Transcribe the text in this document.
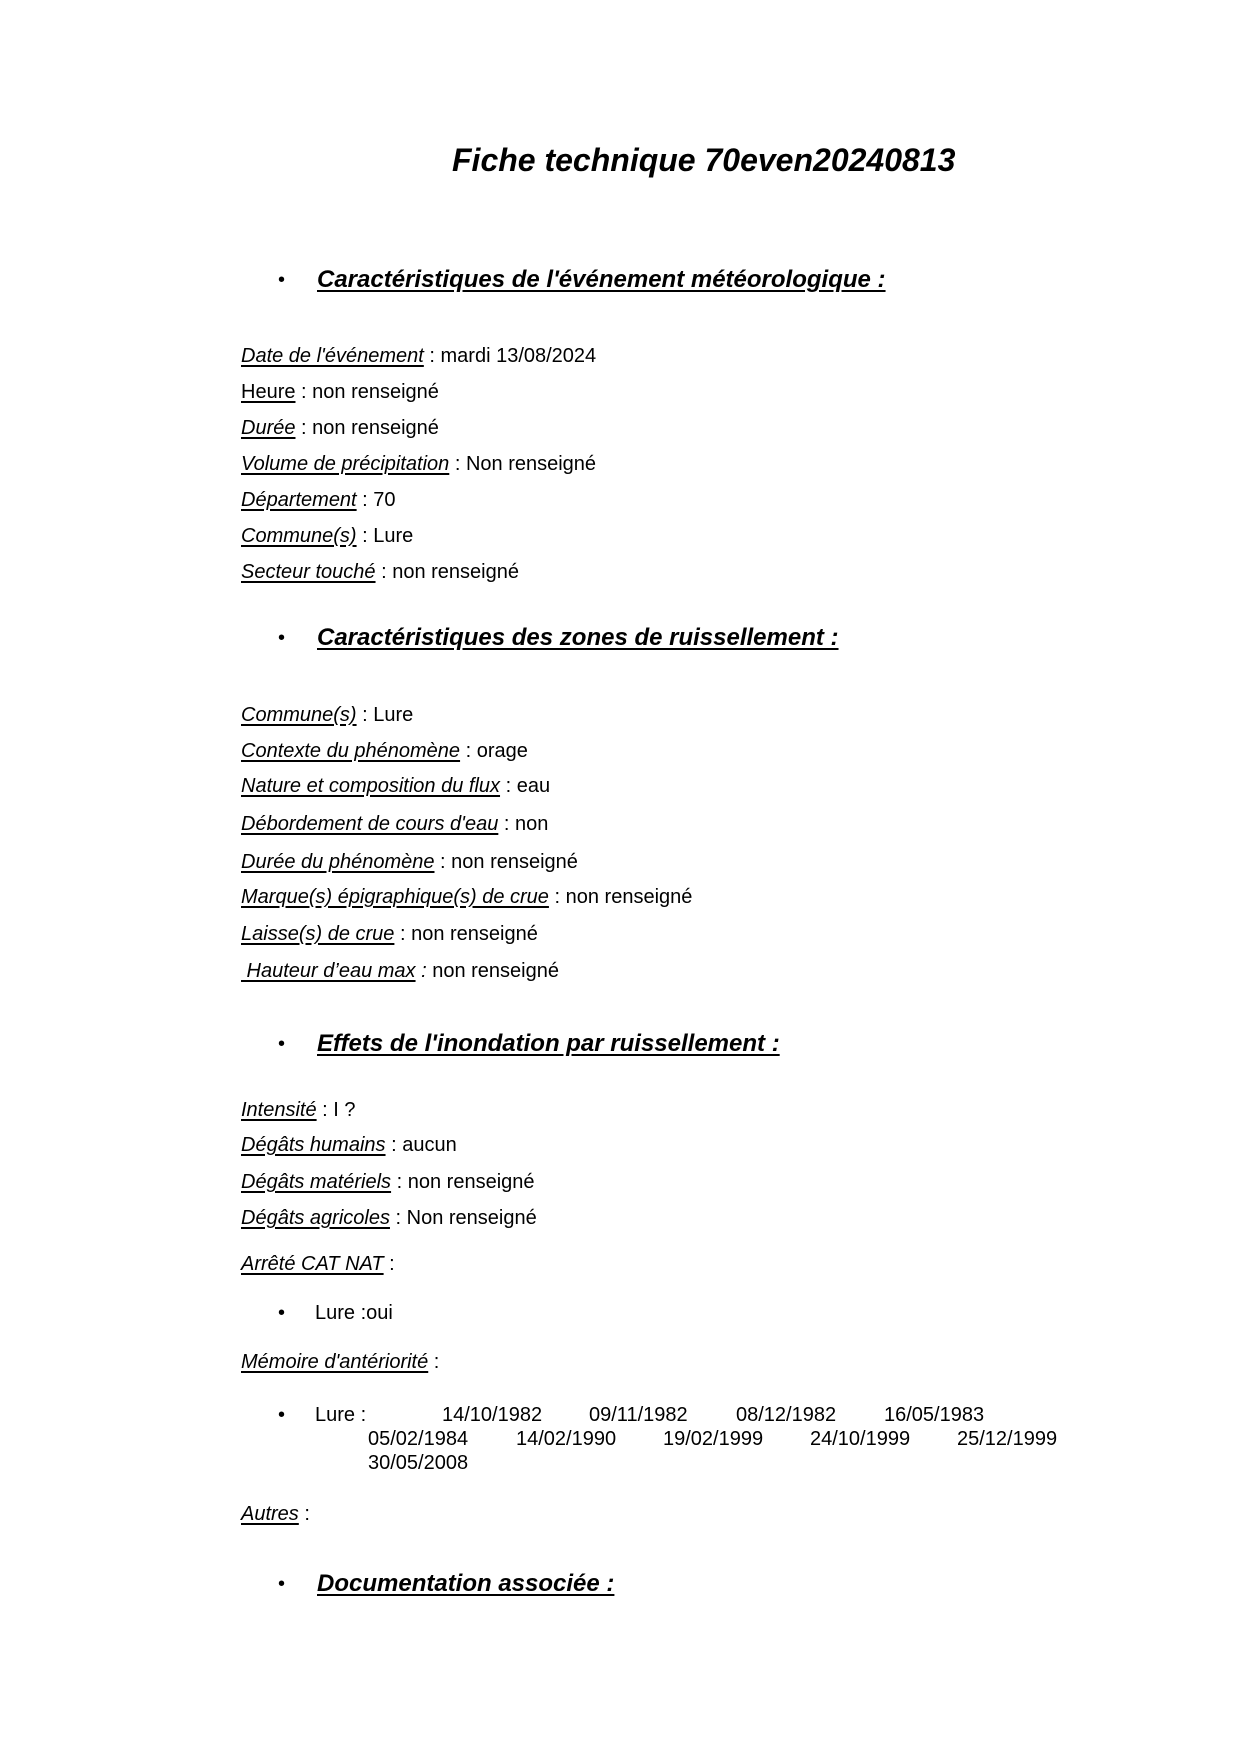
Fiche technique 70even20240813
• Caractéristiques de l'événement météorologique :
Date de l'événement : mardi 13/08/2024
Heure : non renseigné
Durée : non renseigné
Volume de précipitation : Non renseigné
Département : 70
Commune(s) : Lure
Secteur touché : non renseigné
• Caractéristiques des zones de ruissellement :
Commune(s) : Lure
Contexte du phénomène : orage
Nature et composition du flux : eau
Débordement de cours d'eau : non
Durée du phénomène : non renseigné
Marque(s) épigraphique(s) de crue : non renseigné
Laisse(s) de crue : non renseigné
Hauteur d’eau max : non renseigné
• Effets de l'inondation par ruissellement :
Intensité : I ?
Dégâts humains : aucun
Dégâts matériels : non renseigné
Dégâts agricoles : Non renseigné
Arrêté CAT NAT :
• Lure :oui
Mémoire d'antériorité :
• Lure :	14/10/1982 09/11/1982 08/12/1982 16/05/1983
05/02/1984 14/02/1990 19/02/1999 24/10/1999 25/12/1999
30/05/2008
Autres :
• Documentation associée :
